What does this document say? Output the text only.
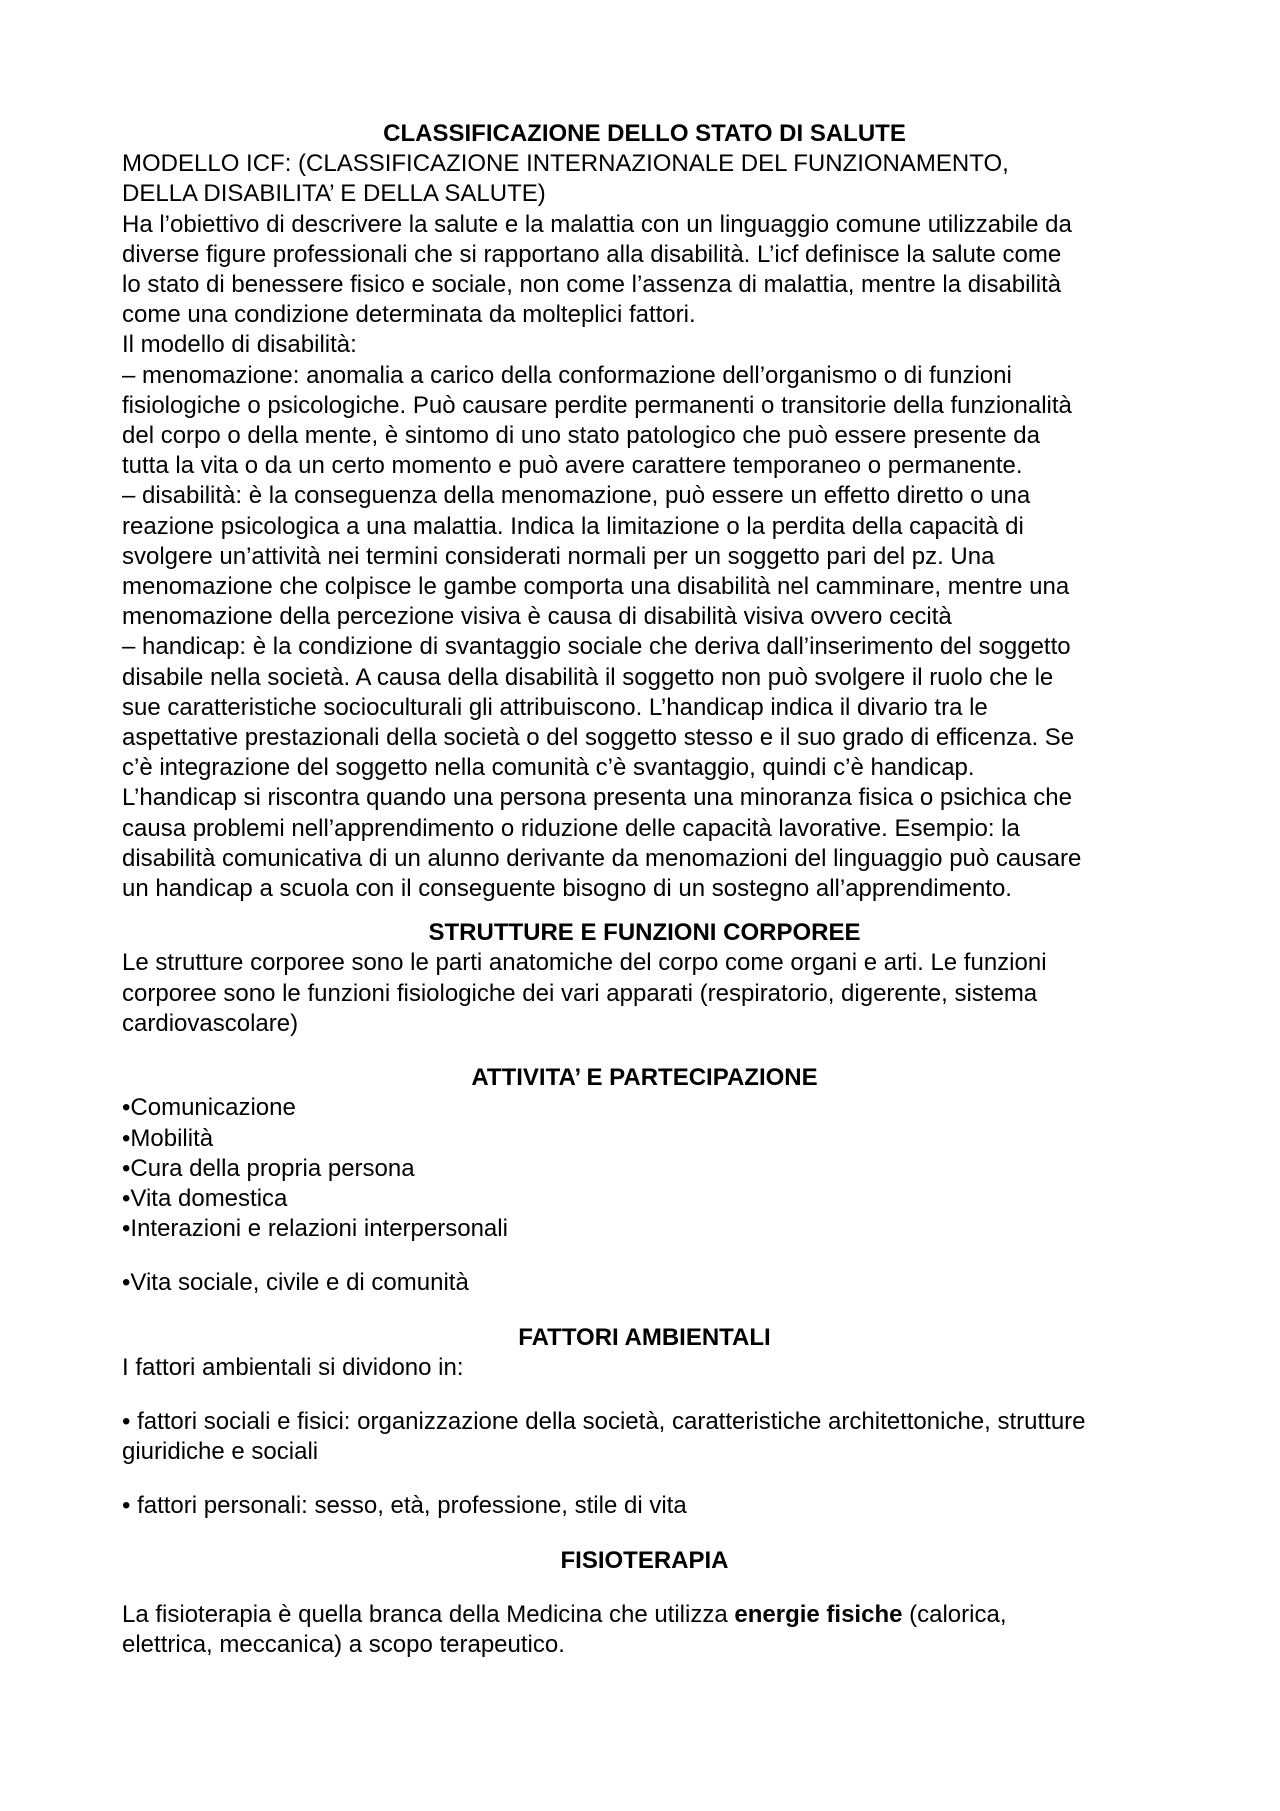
CLASSIFICAZIONE DELLO STATO DI SALUTE

MODELLO ICF: (CLASSIFICAZIONE INTERNAZIONALE DEL FUNZIONAMENTO,

DELLA DISABILITA’ E DELLA SALUTE)

Ha l’obiettivo di descrivere la salute e la malattia con un linguaggio comune utilizzabile da

diverse figure professionali che si rapportano alla disabilità. L’icf definisce la salute come

lo stato di benessere fisico e sociale, non come l’assenza di malattia, mentre la disabilità

come una condizione determinata da molteplici fattori.

Il modello di disabilità:

– menomazione: anomalia a carico della conformazione dell’organismo o di funzioni

fisiologiche o psicologiche. Può causare perdite permanenti o transitorie della funzionalità

del corpo o della mente, è sintomo di uno stato patologico che può essere presente da

tutta la vita o da un certo momento e può avere carattere temporaneo o permanente.

– disabilità: è la conseguenza della menomazione, può essere un effetto diretto o una

reazione psicologica a una malattia. Indica la limitazione o la perdita della capacità di

svolgere un’attività nei termini considerati normali per un soggetto pari del pz. Una

menomazione che colpisce le gambe comporta una disabilità nel camminare, mentre una

menomazione della percezione visiva è causa di disabilità visiva ovvero cecità

– handicap: è la condizione di svantaggio sociale che deriva dall’inserimento del soggetto

disabile nella società. A causa della disabilità il soggetto non può svolgere il ruolo che le

sue caratteristiche socioculturali gli attribuiscono. L’handicap indica il divario tra le

aspettative prestazionali della società o del soggetto stesso e il suo grado di efficenza. Se

c’è integrazione del soggetto nella comunità c’è svantaggio, quindi c’è handicap.

L’handicap si riscontra quando una persona presenta una minoranza fisica o psichica che

causa problemi nell’apprendimento o riduzione delle capacità lavorative. Esempio: la

disabilità comunicativa di un alunno derivante da menomazioni del linguaggio può causare

un handicap a scuola con il conseguente bisogno di un sostegno all’apprendimento.

STRUTTURE E FUNZIONI CORPOREE

Le strutture corporee sono le parti anatomiche del corpo come organi e arti. Le funzioni

corporee sono le funzioni fisiologiche dei vari apparati (respiratorio, digerente, sistema

cardiovascolare)

ATTIVITA’ E PARTECIPAZIONE

•Comunicazione

•Mobilità

•Cura della propria persona

•Vita domestica

•Interazioni e relazioni interpersonali

•Vita sociale, civile e di comunità

FATTORI AMBIENTALI

I fattori ambientali si dividono in:

• fattori sociali e fisici: organizzazione della società, caratteristiche architettoniche, strutture

giuridiche e sociali

• fattori personali: sesso, età, professione, stile di vita

FISIOTERAPIA

La fisioterapia è quella branca della Medicina che utilizza energie fisiche (calorica,

elettrica, meccanica) a scopo terapeutico.
